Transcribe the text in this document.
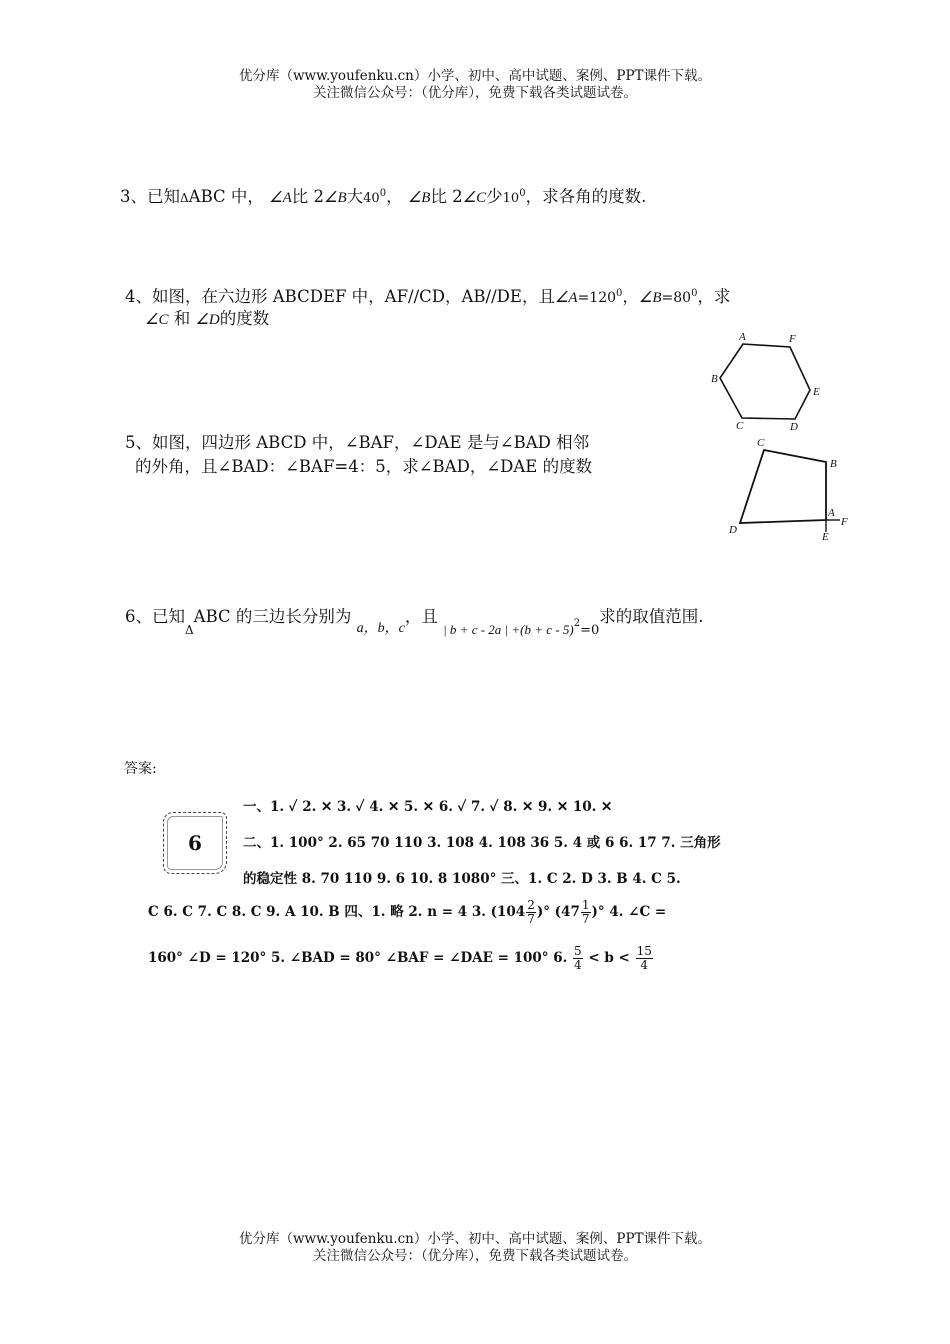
优分库（www.youfenku.cn）小学、初中、高中试题、案例、PPT课件下载。
关注微信公众号：（优分库），免费下载各类试题试卷。
3、已知ΔABC 中， ∠A比 2∠B大$40^0$， ∠B比 2∠C少$10^0$，求各角的度数.
4、如图，在六边形 ABCDEF 中，AF//CD，AB//DE，且$\angle A=120^0$，$\angle B=80^0$，求
∠C 和 ∠D的度数
A	F
B
E
C	D
5、如图，四边形 ABCD 中，∠BAF，∠DAE 是与∠BAD 相邻
的外角，且∠BAD：∠BAF=4：5，求∠BAD，∠DAE 的度数
C
B
D
A
F
E
6、已知$_\Delta$ABC 的三边长分别为 $_{a,b,c}$，且 $_{| b + c - 2a | +(b + c - 5)2=0}$求的取值范围.
答案:
6
一、1. ✓ 2. ✕ 3. ✓ 4. ✕ 5. ✕ 6. ✓ 7. ✓ 8. ✕ 9. ✕ 10. ✕
二、1. 100° 2. 65 70 110 3. 108 4. 108 36 5. 4 或 6 6. 17 7. 三角形
的稳定性 8. 70 110 9. 6 10. 8 1080° 三、1. C 2. D 3. B 4. C 5.
C 6. C 7. C 8. C 9. A 10. B 四、1. 略 2. n = 4 3. ($104 \frac{2}{7}$ )° ($47 \frac{1}{7}$ )° 4. ∠C =
160° ∠D = 120° 5. ∠BAD = 80° ∠BAF = ∠DAE = 100° 6. $\frac{5}{4} < b < \frac{15}{4}$
优分库（www.youfenku.cn）小学、初中、高中试题、案例、PPT课件下载。
关注微信公众号：（优分库），免费下载各类试题试卷。
